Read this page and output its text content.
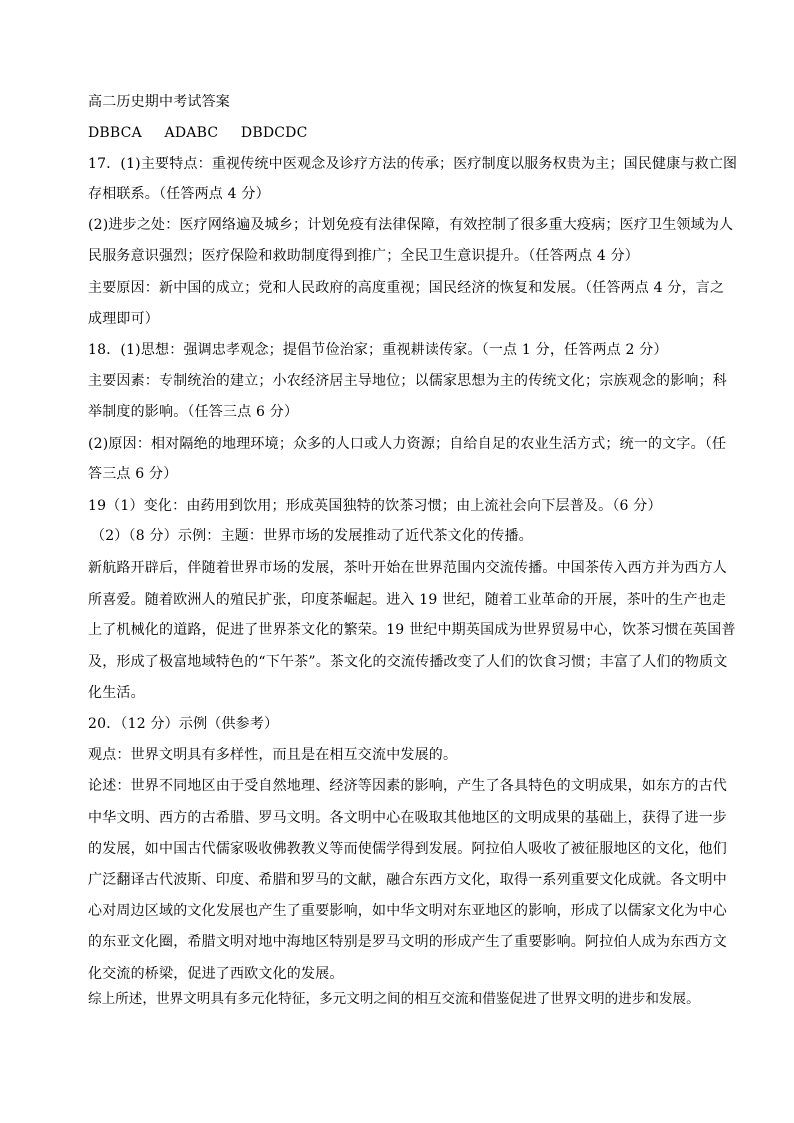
高二历史期中考试答案
DBBCA ADABC DBDCDC
17．(1)主要特点：重视传统中医观念及诊疗方法的传承；医疗制度以服务权贵为主；国民健康与救亡图
存相联系。（任答两点 4 分）
(2)进步之处：医疗网络遍及城乡；计划免疫有法律保障，有效控制了很多重大疫病；医疗卫生领域为人
民服务意识强烈；医疗保险和救助制度得到推广；全民卫生意识提升。（任答两点 4 分）
主要原因：新中国的成立；党和人民政府的高度重视；国民经济的恢复和发展。（任答两点 4 分，言之
成理即可）
18．(1)思想：强调忠孝观念；提倡节俭治家；重视耕读传家。（一点 1 分，任答两点 2 分）
主要因素：专制统治的建立；小农经济居主导地位；以儒家思想为主的传统文化；宗族观念的影响；科
举制度的影响。（任答三点 6 分）
(2)原因：相对隔绝的地理环境；众多的人口或人力资源；自给自足的农业生活方式；统一的文字。（任
答三点 6 分）
19（1）变化：由药用到饮用；形成英国独特的饮茶习惯；由上流社会向下层普及。（6 分）
（2）（8 分）示例：主题：世界市场的发展推动了近代茶文化的传播。
新航路开辟后，伴随着世界市场的发展，茶叶开始在世界范围内交流传播。中国茶传入西方并为西方人
所喜爱。随着欧洲人的殖民扩张，印度茶崛起。进入 19 世纪，随着工业革命的开展，茶叶的生产也走
上了机械化的道路，促进了世界茶文化的繁荣。19 世纪中期英国成为世界贸易中心，饮茶习惯在英国普
及，形成了极富地域特色的“下午茶”。茶文化的交流传播改变了人们的饮食习惯；丰富了人们的物质文
化生活。
20．（12 分）示例（供参考）
观点：世界文明具有多样性，而且是在相互交流中发展的。
论述：世界不同地区由于受自然地理、经济等因素的影响，产生了各具特色的文明成果，如东方的古代
中华文明、西方的古希腊、罗马文明。各文明中心在吸取其他地区的文明成果的基础上，获得了进一步
的发展，如中国古代儒家吸收佛教教义等而使儒学得到发展。阿拉伯人吸收了被征服地区的文化，他们
广泛翻译古代波斯、印度、希腊和罗马的文献，融合东西方文化，取得一系列重要文化成就。各文明中
心对周边区域的文化发展也产生了重要影响，如中华文明对东亚地区的影响，形成了以儒家文化为中心
的东亚文化圈，希腊文明对地中海地区特别是罗马文明的形成产生了重要影响。阿拉伯人成为东西方文
化交流的桥梁，促进了西欧文化的发展。
综上所述，世界文明具有多元化特征，多元文明之间的相互交流和借鉴促进了世界文明的进步和发展。
